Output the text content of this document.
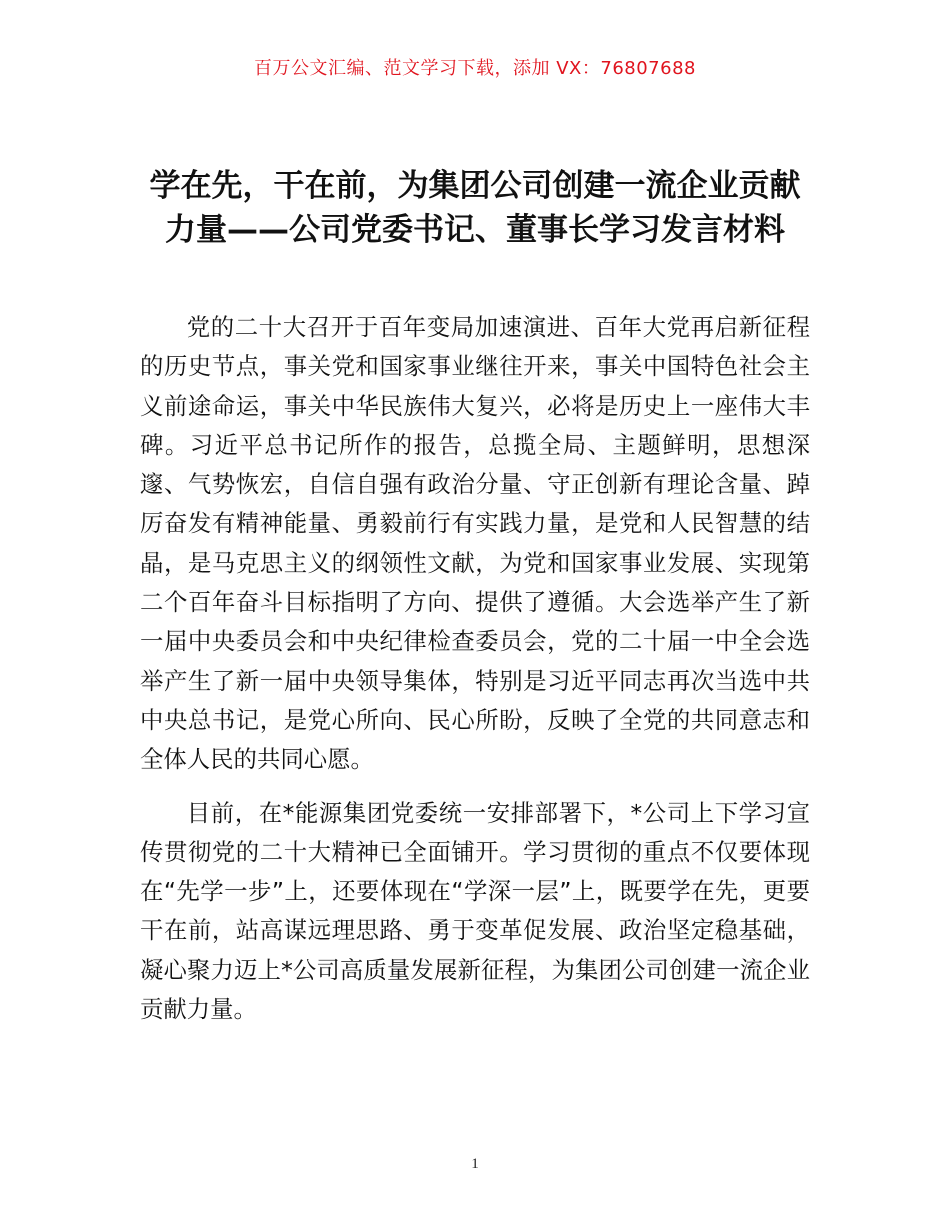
百万公文汇编、范文学习下载，添加 VX：76807688
学在先，干在前，为集团公司创建一流企业贡献力量——公司党委书记、董事长学习发言材料

党的二十大召开于百年变局加速演进、百年大党再启新征程的历史节点，事关党和国家事业继往开来，事关中国特色社会主义前途命运，事关中华民族伟大复兴，必将是历史上一座伟大丰碑。习近平总书记所作的报告，总揽全局、主题鲜明，思想深邃、气势恢宏，自信自强有政治分量、守正创新有理论含量、踔厉奋发有精神能量、勇毅前行有实践力量，是党和人民智慧的结晶，是马克思主义的纲领性文献，为党和国家事业发展、实现第二个百年奋斗目标指明了方向、提供了遵循。大会选举产生了新一届中央委员会和中央纪律检查委员会，党的二十届一中全会选举产生了新一届中央领导集体，特别是习近平同志再次当选中共中央总书记，是党心所向、民心所盼，反映了全党的共同意志和全体人民的共同心愿。

目前，在*能源集团党委统一安排部署下，*公司上下学习宣传贯彻党的二十大精神已全面铺开。学习贯彻的重点不仅要体现在“先学一步”上，还要体现在“学深一层”上，既要学在先，更要干在前，站高谋远理思路、勇于变革促发展、政治坚定稳基础，凝心聚力迈上*公司高质量发展新征程，为集团公司创建一流企业贡献力量。

1
